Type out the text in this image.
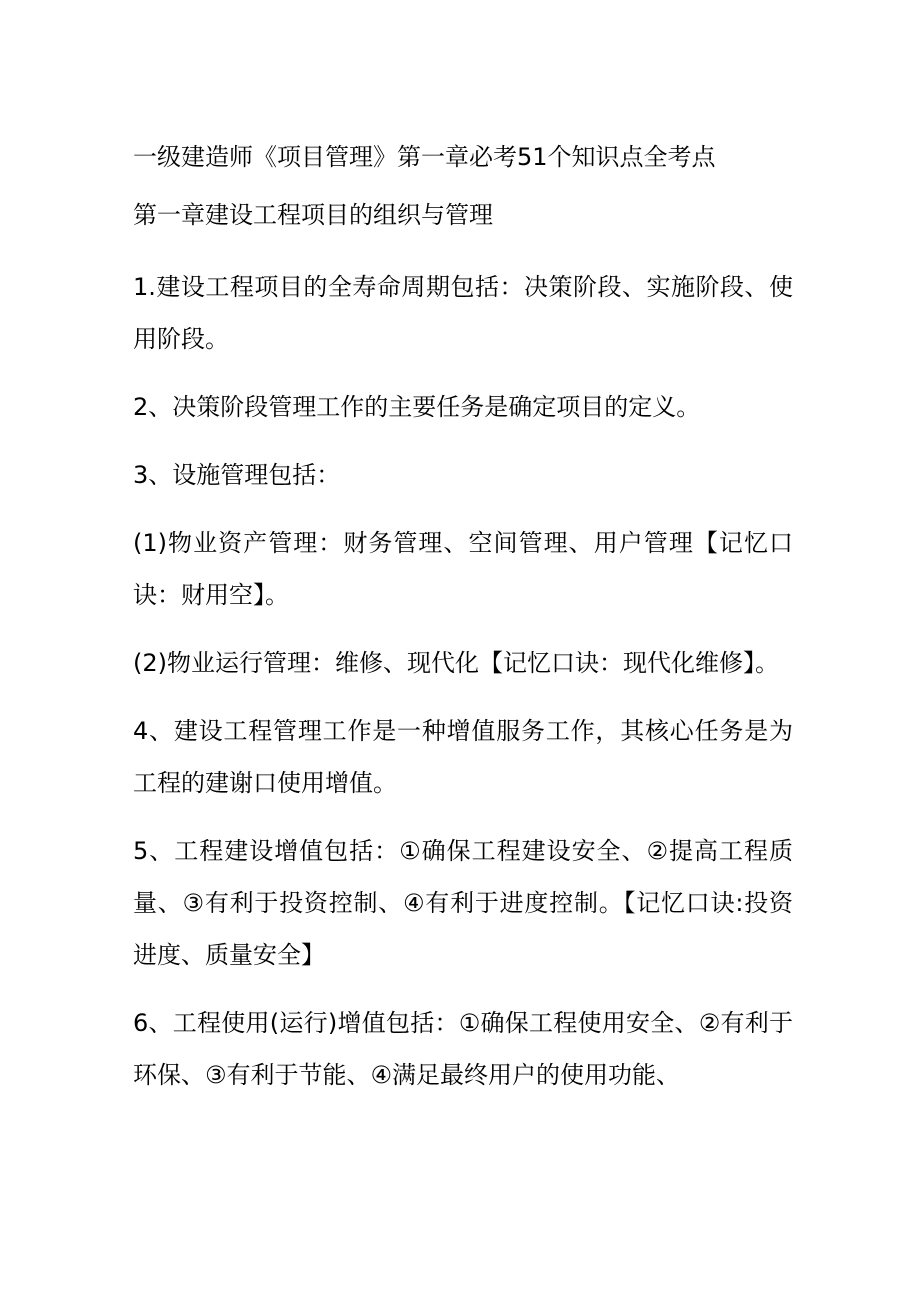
一级建造师《项目管理》第一章必考51个知识点全考点
第一章建设工程项目的组织与管理
1.建设工程项目的全寿命周期包括：决策阶段、实施阶段、使用阶段。
2、决策阶段管理工作的主要任务是确定项目的定义。
3、设施管理包括：
(1)物业资产管理：财务管理、空间管理、用户管理【记忆口诀：财用空】。
(2)物业运行管理：维修、现代化【记忆口诀：现代化维修】。
4、建设工程管理工作是一种增值服务工作，其核心任务是为工程的建谢口使用增值。
5、工程建设增值包括：①确保工程建设安全、②提高工程质量、③有利于投资控制、④有利于进度控制。【记忆口诀:投资进度、质量安全】
6、工程使用(运行)增值包括：①确保工程使用安全、②有利于环保、③有利于节能、④满足最终用户的使用功能、
